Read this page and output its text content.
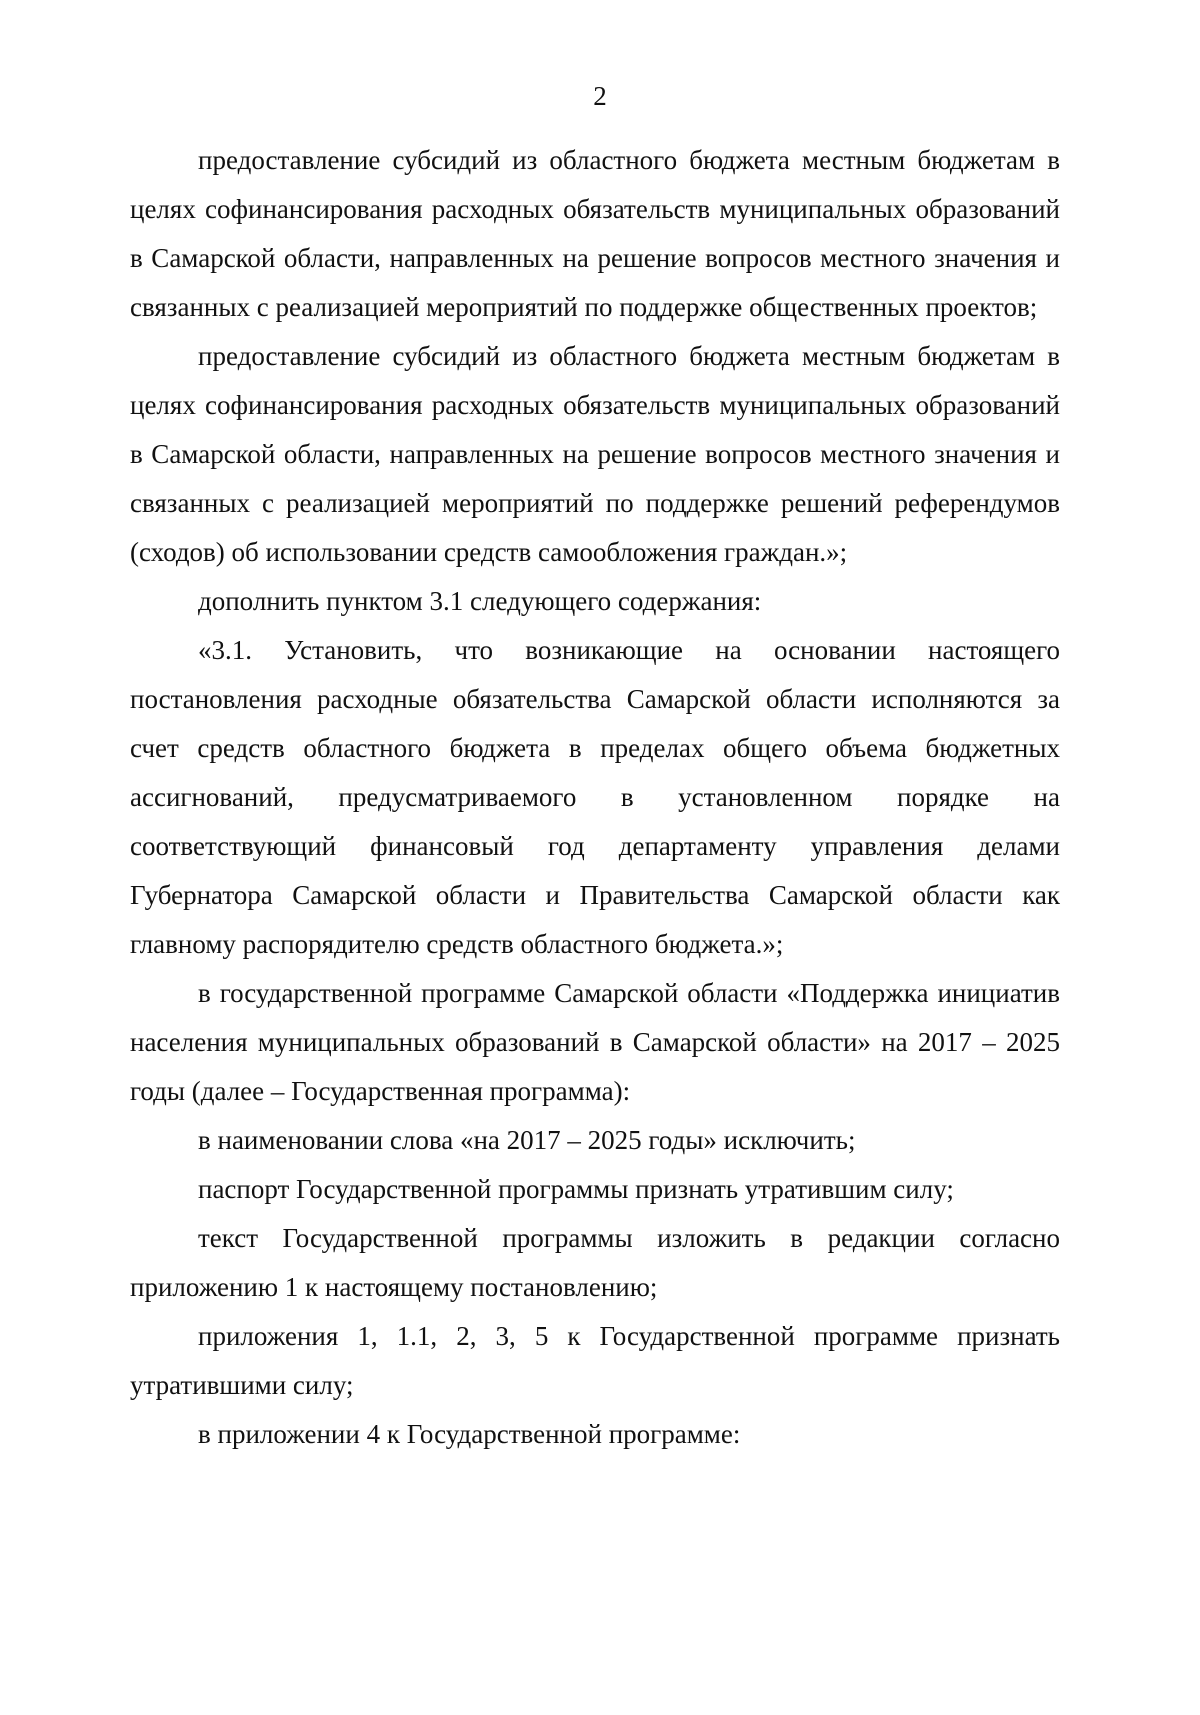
2

предоставление субсидий из областного бюджета местным бюджетам в целях софинансирования расходных обязательств муниципальных образований в Самарской области, направленных на решение вопросов местного значения и связанных с реализацией мероприятий по поддержке общественных проектов;

предоставление субсидий из областного бюджета местным бюджетам в целях софинансирования расходных обязательств муниципальных образований в Самарской области, направленных на решение вопросов местного значения и связанных с реализацией мероприятий по поддержке решений референдумов (сходов) об использовании средств самообложения граждан.»;

дополнить пунктом 3.1 следующего содержания:

«3.1. Установить, что возникающие на основании настоящего постановления расходные обязательства Самарской области исполняются за счет средств областного бюджета в пределах общего объема бюджетных ассигнований, предусматриваемого в установленном порядке на соответствующий финансовый год департаменту управления делами Губернатора Самарской области и Правительства Самарской области как главному распорядителю средств областного бюджета.»;

в государственной программе Самарской области «Поддержка инициатив населения муниципальных образований в Самарской области» на 2017 – 2025 годы (далее – Государственная программа):

в наименовании слова «на 2017 – 2025 годы» исключить;

паспорт Государственной программы признать утратившим силу;

текст Государственной программы изложить в редакции согласно приложению 1 к настоящему постановлению;

приложения 1, 1.1, 2, 3, 5 к Государственной программе признать утратившими силу;

в приложении 4 к Государственной программе:
